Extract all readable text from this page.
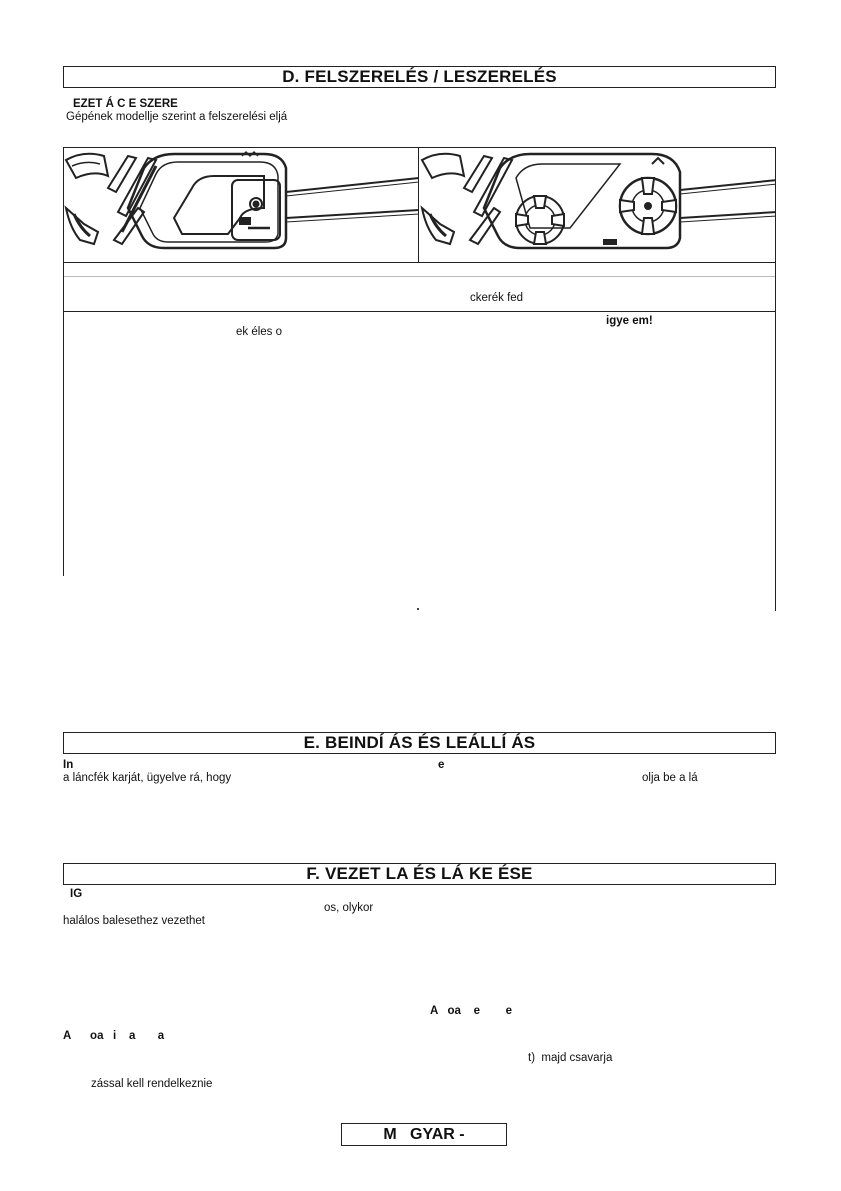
D. FELSZERELÉS / LESZERELÉS
EZET Á C E SZERE
Gépének modellje szerint a felszerelési eljá
ckerék fed
igye em!
ek éles o
E. BEINDÍ ÁS ÉS LEÁLLÍ ÁS
In	e
a láncfék karját, ügyelve rá, hogy	olja be a lá
F. VEZET LA ÉS LÁ KE ÉSE
IG
os, olykor
halálos balesethez vezethet
A   oa    e        e
A      oa   i    a       a
t)  majd csavarja
zással kell rendelkeznie
M   GYAR -
